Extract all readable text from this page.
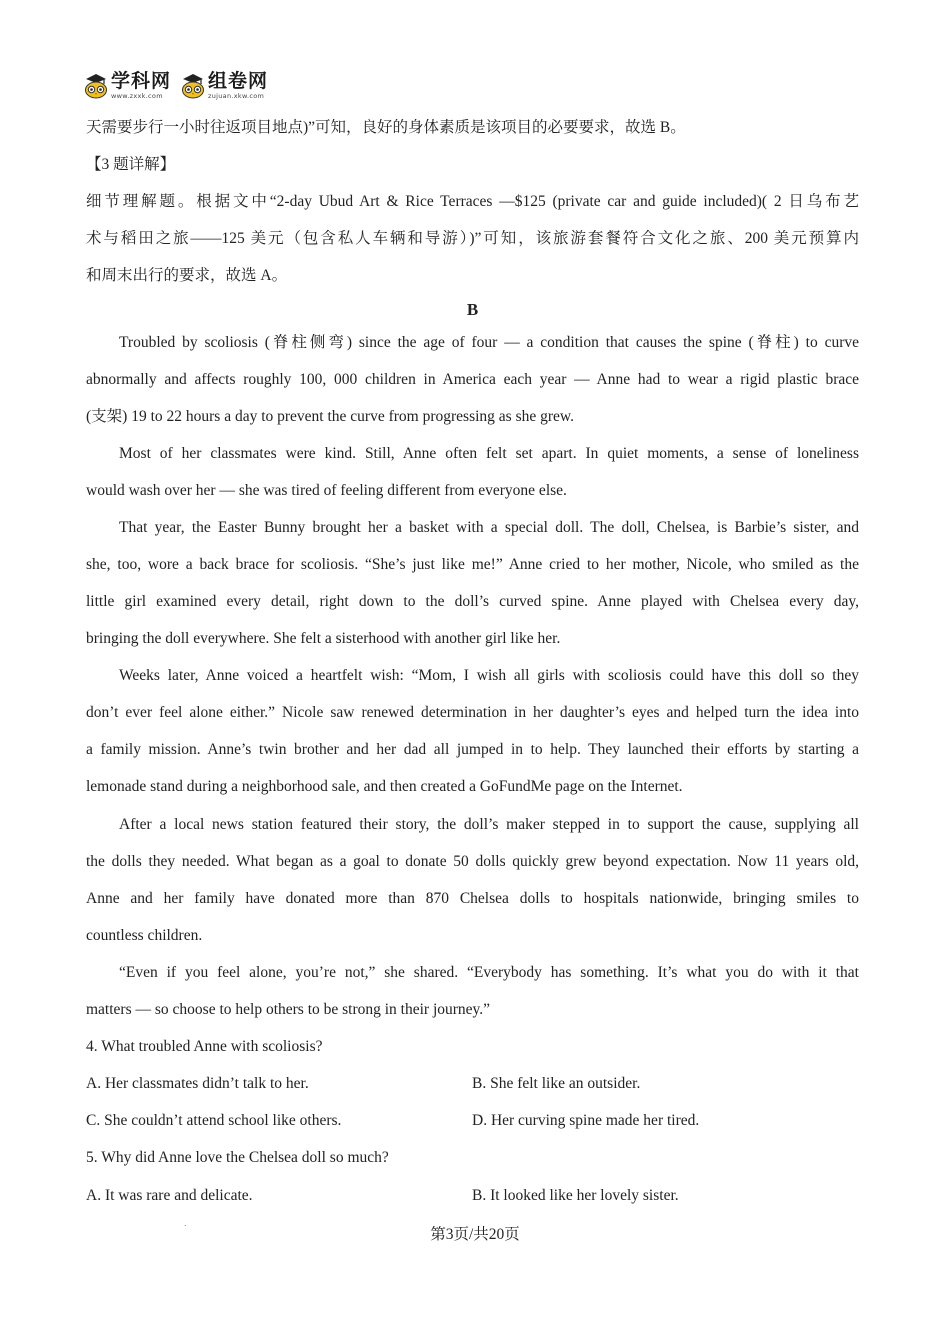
学科网
www.zxxk.com
组卷网
zujuan.xkw.com

天需要步行一小时往返项目地点)”可知，良好的身体素质是该项目的必要要求，故选 B。

【3 题详解】

细节理解题。根据文中“2-day Ubud Art & Rice Terraces —$125 (private car and guide included)( 2 日乌布艺

术与稻田之旅——125 美元（包含私人车辆和导游）)”可知，该旅游套餐符合文化之旅、200 美元预算内

和周末出行的要求，故选 A。

B

Troubled by scoliosis (脊柱侧弯) since the age of four — a condition that causes the spine (脊柱) to curve

abnormally and affects roughly 100, 000 children in America each year — Anne had to wear a rigid plastic brace

(支架) 19 to 22 hours a day to prevent the curve from progressing as she grew.

Most of her classmates were kind. Still, Anne often felt set apart. In quiet moments, a sense of loneliness

would wash over her — she was tired of feeling different from everyone else.

That year, the Easter Bunny brought her a basket with a special doll. The doll, Chelsea, is Barbie’s sister, and

she, too, wore a back brace for scoliosis. “She’s just like me!” Anne cried to her mother, Nicole, who smiled as the

little girl examined every detail, right down to the doll’s curved spine. Anne played with Chelsea every day,

bringing the doll everywhere. She felt a sisterhood with another girl like her.

Weeks later, Anne voiced a heartfelt wish: “Mom, I wish all girls with scoliosis could have this doll so they

don’t ever feel alone either.” Nicole saw renewed determination in her daughter’s eyes and helped turn the idea into

a family mission. Anne’s twin brother and her dad all jumped in to help. They launched their efforts by starting a

lemonade stand during a neighborhood sale, and then created a GoFundMe page on the Internet.

After a local news station featured their story, the doll’s maker stepped in to support the cause, supplying all

the dolls they needed. What began as a goal to donate 50 dolls quickly grew beyond expectation. Now 11 years old,

Anne and her family have donated more than 870 Chelsea dolls to hospitals nationwide, bringing smiles to

countless children.

“Even if you feel alone, you’re not,” she shared. “Everybody has something. It’s what you do with it that

matters — so choose to help others to be strong in their journey.”

4. What troubled Anne with scoliosis?

A. Her classmates didn’t talk to her.	B. She felt like an outsider.

C. She couldn’t attend school like others.	D. Her curving spine made her tired.

5. Why did Anne love the Chelsea doll so much?

A. It was rare and delicate.	B. It looked like her lovely sister.

.
第3页/共20页
